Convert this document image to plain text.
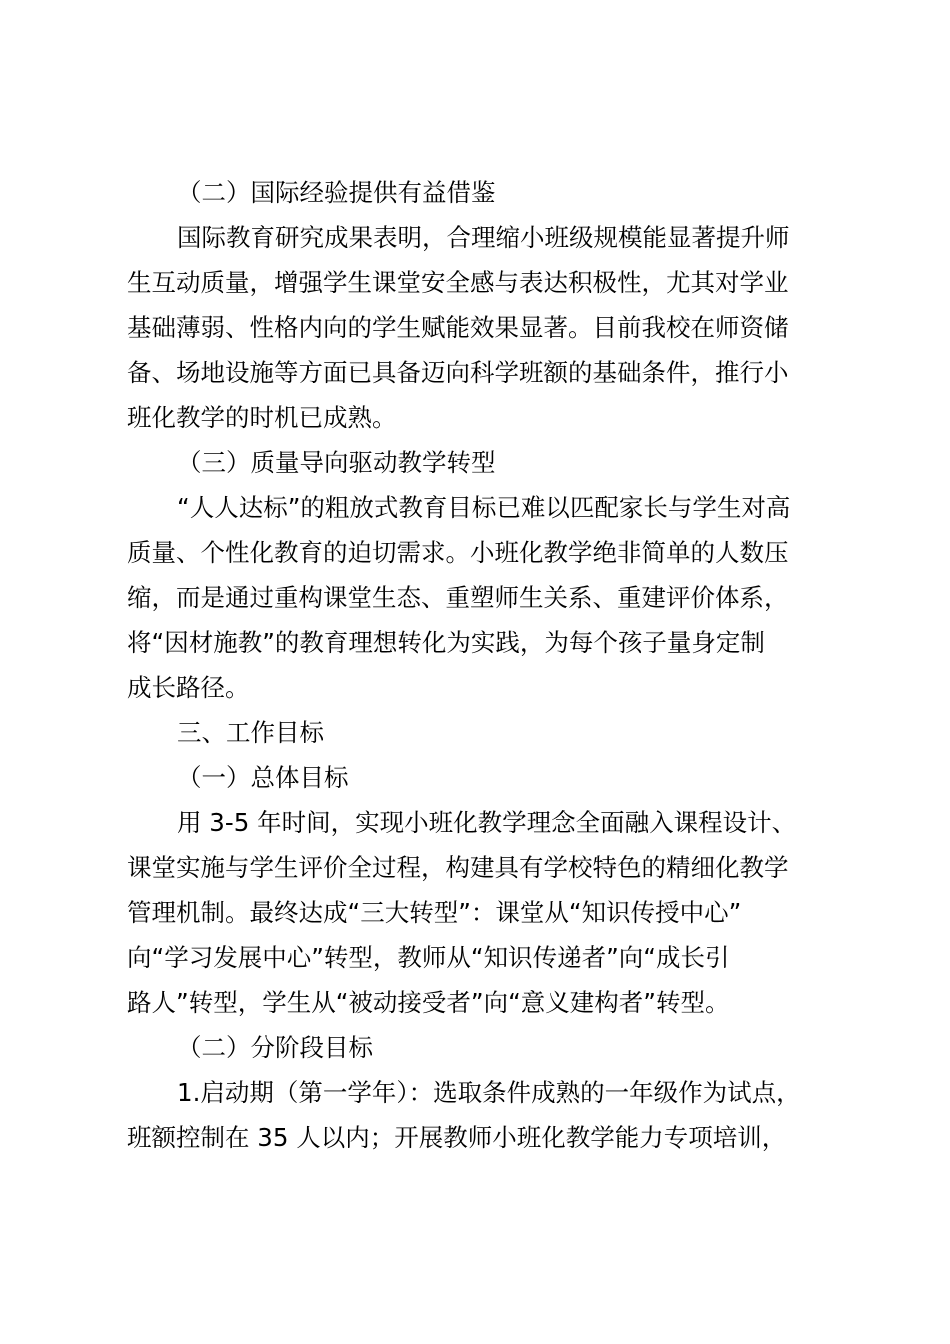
（二）国际经验提供有益借鉴
国际教育研究成果表明，合理缩小班级规模能显著提升师
生互动质量，增强学生课堂安全感与表达积极性，尤其对学业
基础薄弱、性格内向的学生赋能效果显著。目前我校在师资储
备、场地设施等方面已具备迈向科学班额的基础条件，推行小
班化教学的时机已成熟。
（三）质量导向驱动教学转型
“人人达标”的粗放式教育目标已难以匹配家长与学生对高
质量、个性化教育的迫切需求。小班化教学绝非简单的人数压
缩，而是通过重构课堂生态、重塑师生关系、重建评价体系，
将“因材施教”的教育理想转化为实践，为每个孩子量身定制
成长路径。
三、工作目标
（一）总体目标
用 3-5 年时间，实现小班化教学理念全面融入课程设计、
课堂实施与学生评价全过程，构建具有学校特色的精细化教学
管理机制。最终达成“三大转型”：课堂从“知识传授中心”
向“学习发展中心”转型，教师从“知识传递者”向“成长引
路人”转型，学生从“被动接受者”向“意义建构者”转型。
（二）分阶段目标
1.启动期（第一学年）：选取条件成熟的一年级作为试点，
班额控制在 35 人以内；开展教师小班化教学能力专项培训，
